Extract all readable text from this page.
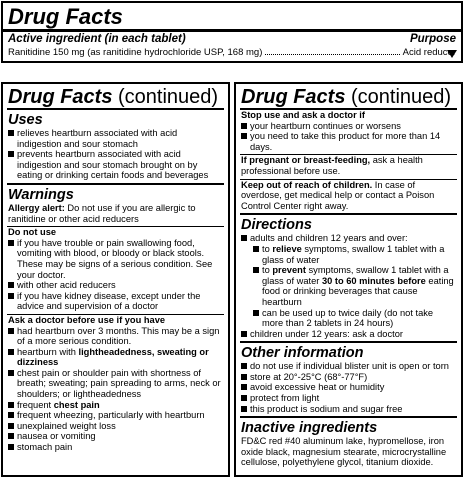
Drug Facts
Active ingredient (in each tablet)	Purpose
Ranitidine 150 mg (as ranitidine hydrochloride USP, 168 mg)	Acid reducer
Drug Facts (continued)
Uses
relieves heartburn associated with acid indigestion and sour stomach
prevents heartburn associated with acid indigestion and sour stomach brought on by eating or drinking certain foods and beverages
Warnings
Allergy alert: Do not use if you are allergic to ranitidine or other acid reducers
Do not use
if you have trouble or pain swallowing food, vomiting with blood, or bloody or black stools. These may be signs of a serious condition. See your doctor.
with other acid reducers
if you have kidney disease, except under the advice and supervision of a doctor
Ask a doctor before use if you have
had heartburn over 3 months. This may be a sign of a more serious condition.
heartburn with lightheadedness, sweating or dizziness
chest pain or shoulder pain with shortness of breath; sweating; pain spreading to arms, neck or shoulders; or lightheadedness
frequent chest pain
frequent wheezing, particularly with heartburn
unexplained weight loss
nausea or vomiting
stomach pain
Drug Facts (continued)
Stop use and ask a doctor if
your heartburn continues or worsens
you need to take this product for more than 14 days.
If pregnant or breast-feeding, ask a health professional before use.
Keep out of reach of children. In case of overdose, get medical help or contact a Poison Control Center right away.
Directions
adults and children 12 years and over:
to relieve symptoms, swallow 1 tablet with a glass of water
to prevent symptoms, swallow 1 tablet with a glass of water 30 to 60 minutes before eating food or drinking beverages that cause heartburn
can be used up to twice daily (do not take more than 2 tablets in 24 hours)
children under 12 years: ask a doctor
Other information
do not use if individual blister unit is open or torn
store at 20°-25°C (68°-77°F)
avoid excessive heat or humidity
protect from light
this product is sodium and sugar free
Inactive ingredients
FD&C red #40 aluminum lake, hypromellose, iron oxide black, magnesium stearate, microcrystalline cellulose, polyethylene glycol, titanium dioxide.
